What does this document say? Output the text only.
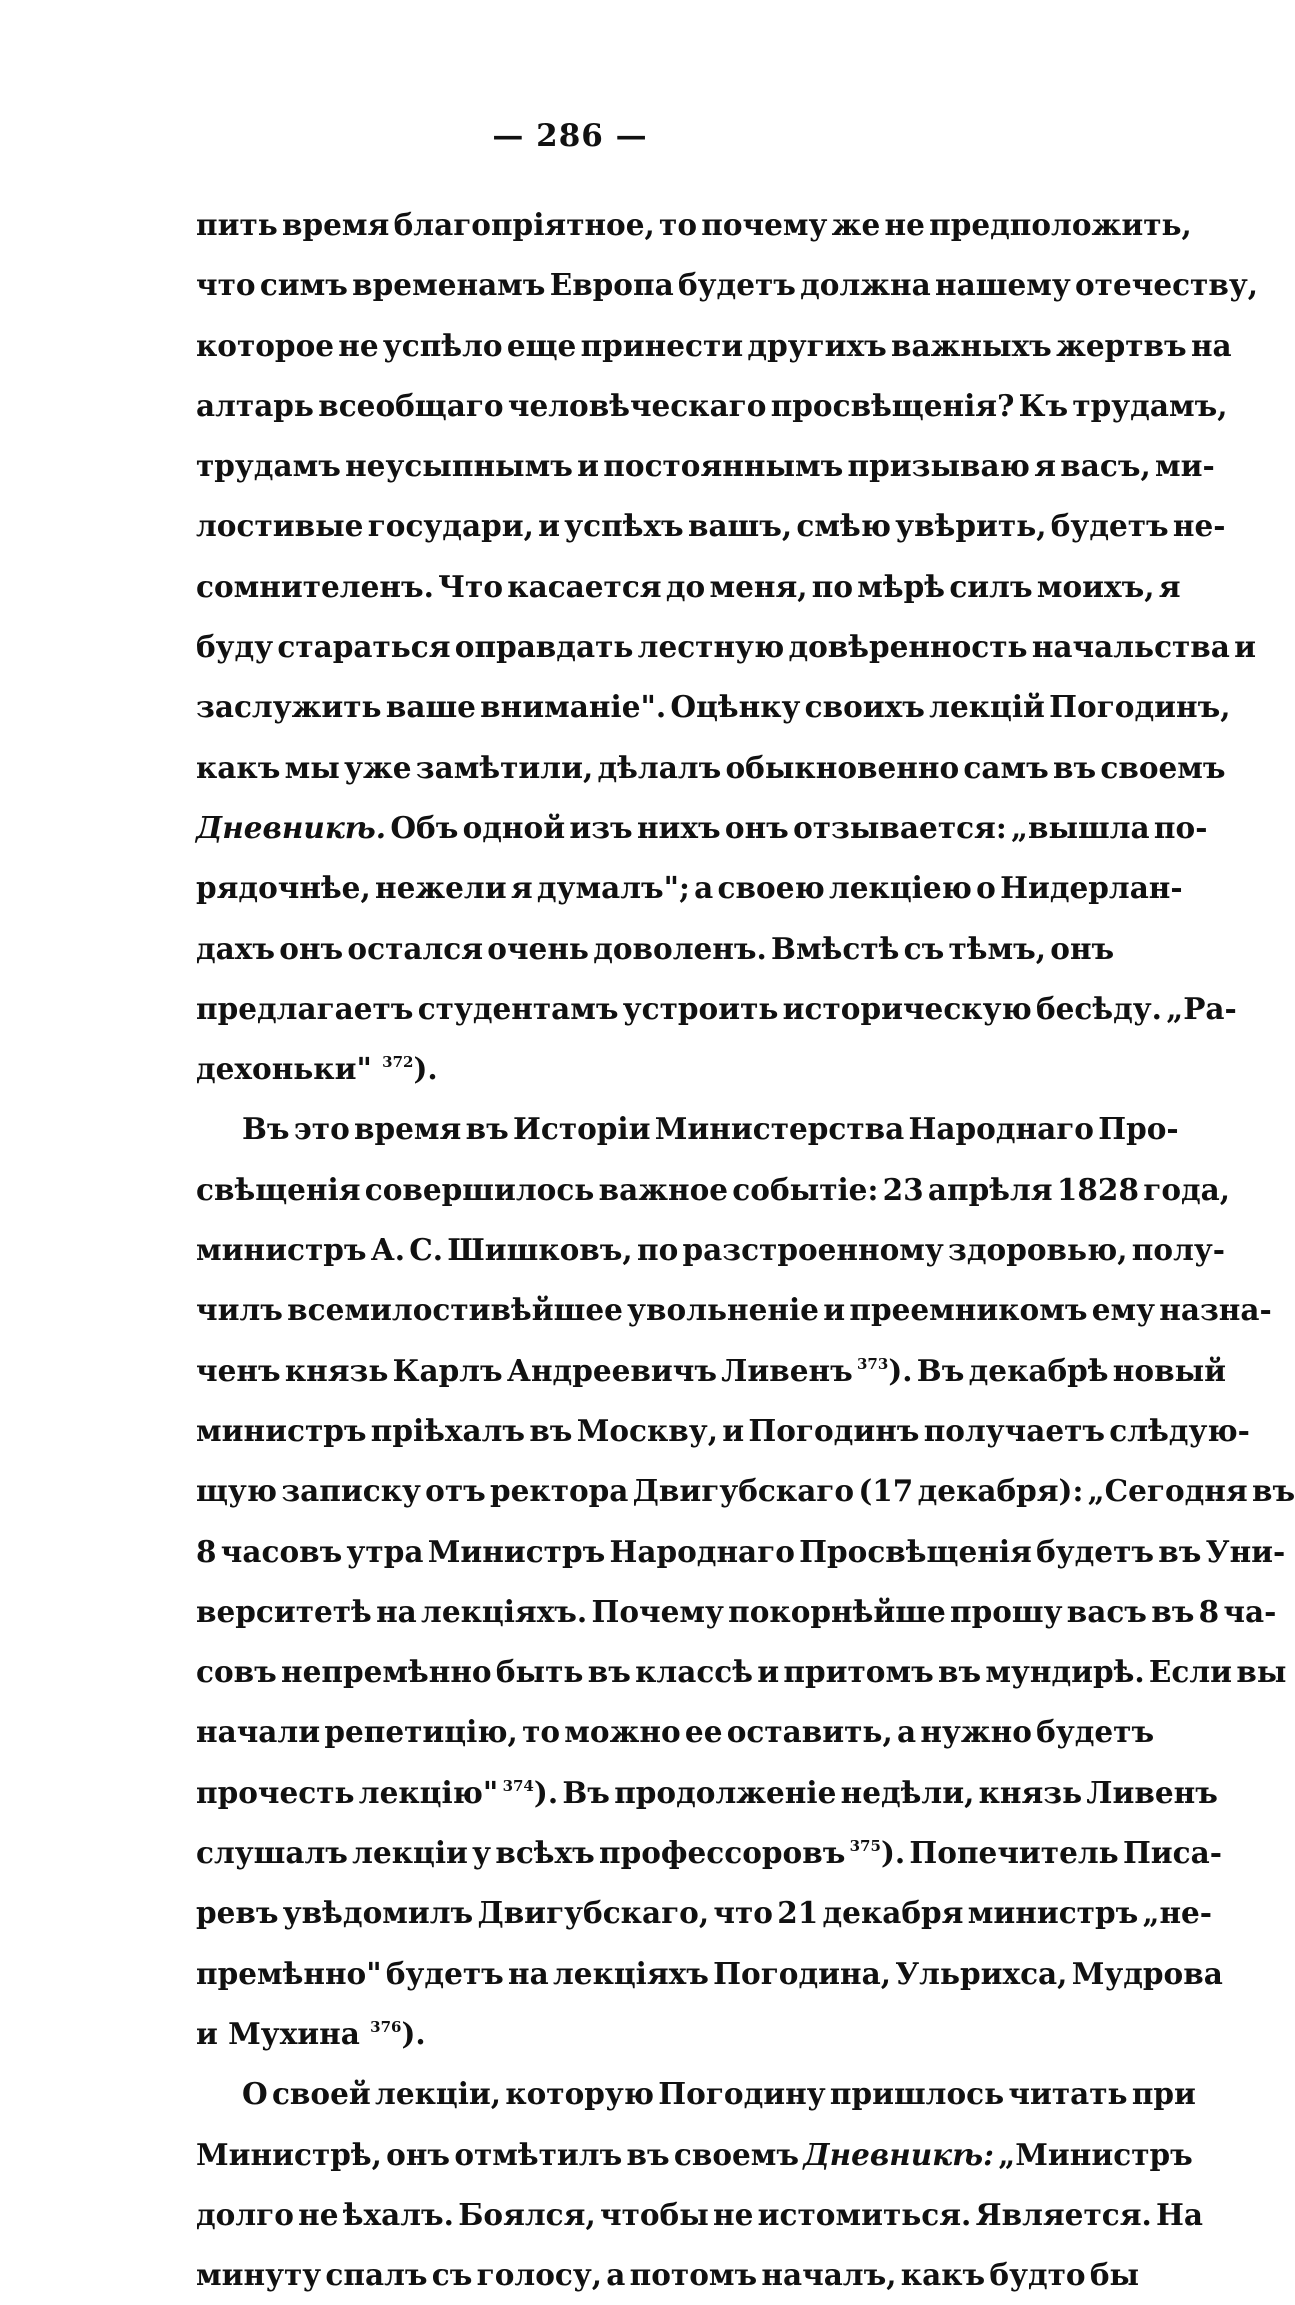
— 286 —
пить время благопріятное, то почему же не предположить,
что симъ временамъ Европа будетъ должна нашему отечеству,
которое не успѣло еще принести другихъ важныхъ жертвъ на
алтарь всеобщаго человѣческаго просвѣщенія? Къ трудамъ,
трудамъ неусыпнымъ и постояннымъ призываю я васъ, ми-
лостивые государи, и успѣхъ вашъ, смѣю увѣрить, будетъ не-
сомнителенъ. Что касается до меня, по мѣрѣ силъ моихъ, я
буду стараться оправдать лестную довѣренность начальства и
заслужить ваше вниманіе". Оцѣнку своихъ лекцій Погодинъ,
какъ мы уже замѣтили, дѣлалъ обыкновенно самъ въ своемъ
Дневникѣ. Объ одной изъ нихъ онъ отзывается: „вышла по-
рядочнѣе, нежели я думалъ"; а своею лекціею о Нидерлан-
дахъ онъ остался очень доволенъ. Вмѣстѣ съ тѣмъ, онъ
предлагаетъ студентамъ устроить историческую бесѣду. „Ра-
дехоньки" $^{372}$).
Въ это время въ Исторіи Министерства Народнаго Про-
свѣщенія совершилось важное событіе: 23 апрѣля 1828 года,
министръ А. С. Шишковъ, по разстроенному здоровью, полу-
чилъ всемилостивѣйшее увольненіе и преемникомъ ему назна-
ченъ князь Карлъ Андреевичъ Ливенъ $^{373}$). Въ декабрѣ новый
министръ пріѣхалъ въ Москву, и Погодинъ получаетъ слѣдую-
щую записку отъ ректора Двигубскаго (17 декабря): „Сегодня въ
8 часовъ утра Министръ Народнаго Просвѣщенія будетъ въ Уни-
верситетѣ на лекціяхъ. Почему покорнѣйше прошу васъ въ 8 ча-
совъ непремѣнно быть въ классѣ и притомъ въ мундирѣ. Если вы
начали репетицію, то можно ее оставить, а нужно будетъ
прочесть лекцію" $^{374}$). Въ продолженіе недѣли, князь Ливенъ
слушалъ лекціи у всѣхъ профессоровъ $^{375}$). Попечитель Писа-
ревъ увѣдомилъ Двигубскаго, что 21 декабря министръ „не-
премѣнно" будетъ на лекціяхъ Погодина, Ульрихса, Мудрова
и Мухина $^{376}$).
О своей лекціи, которую Погодину пришлось читать при
Министрѣ, онъ отмѣтилъ въ своемъ Дневникѣ: „Министръ
долго не ѣхалъ. Боялся, чтобы не истомиться. Является. На
минуту спалъ съ голосу, а потомъ началъ, какъ будто бы
